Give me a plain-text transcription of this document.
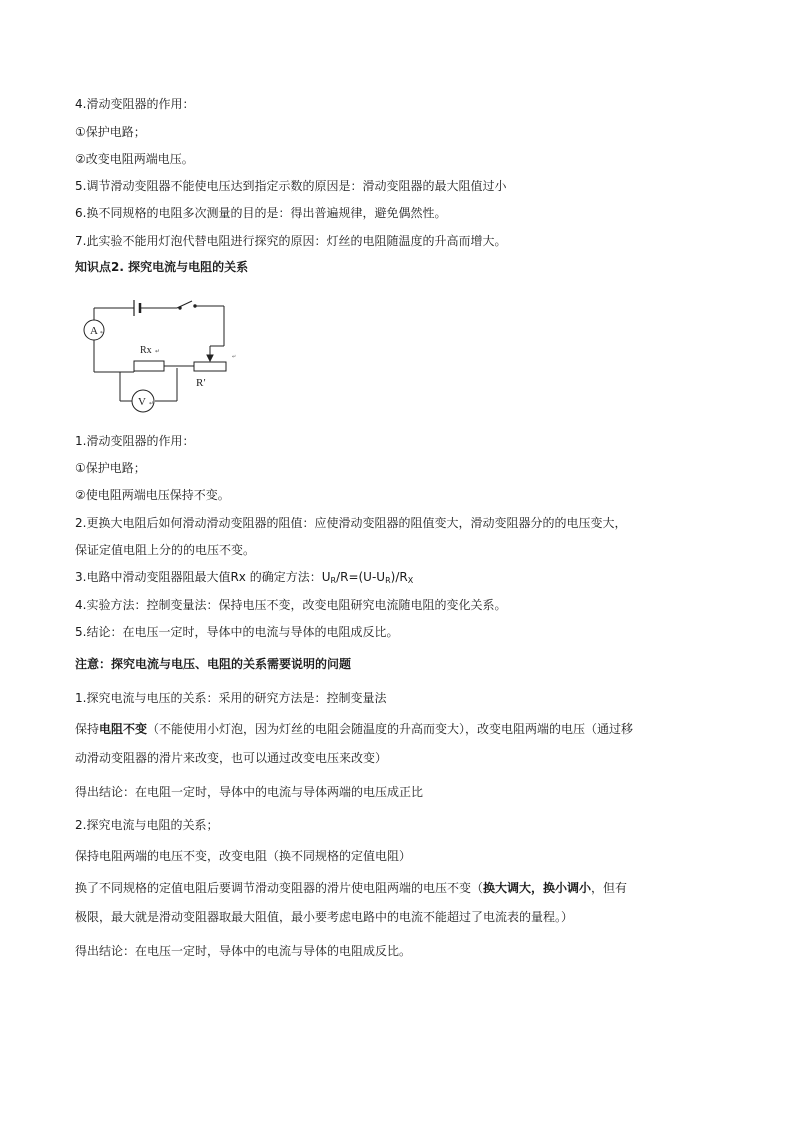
4.滑动变阻器的作用：
①保护电路；
②改变电阻两端电压。
5.调节滑动变阻器不能使电压达到指定示数的原因是：滑动变阻器的最大阻值过小
6.换不同规格的电阻多次测量的目的是：得出普遍规律，避免偶然性。
7.此实验不能用灯泡代替电阻进行探究的原因：灯丝的电阻随温度的升高而增大。
知识点2. 探究电流与电阻的关系
A ↵
V ↵
Rx ↵
R′
↵
1.滑动变阻器的作用：
①保护电路；
②使电阻两端电压保持不变。
2.更换大电阻后如何滑动滑动变阻器的阻值：应使滑动变阻器的阻值变大，滑动变阻器分的的电压变大，
保证定值电阻上分的的电压不变。
3.电路中滑动变阻器阻最大值Rx 的确定方法：$U_R/R=(U-U_R)/R_X$
4.实验方法：控制变量法：保持电压不变，改变电阻研究电流随电阻的变化关系。
5.结论：在电压一定时，导体中的电流与导体的电阻成反比。
注意：探究电流与电压、电阻的关系需要说明的问题
1.探究电流与电压的关系：采用的研究方法是：控制变量法
保持电阻不变（不能使用小灯泡，因为灯丝的电阻会随温度的升高而变大），改变电阻两端的电压（通过移
动滑动变阻器的滑片来改变，也可以通过改变电压来改变）
得出结论：在电阻一定时，导体中的电流与导体两端的电压成正比
2.探究电流与电阻的关系；
保持电阻两端的电压不变，改变电阻（换不同规格的定值电阻）
换了不同规格的定值电阻后要调节滑动变阻器的滑片使电阻两端的电压不变（换大调大，换小调小，但有
极限，最大就是滑动变阻器取最大阻值，最小要考虑电路中的电流不能超过了电流表的量程。）
得出结论：在电压一定时，导体中的电流与导体的电阻成反比。
